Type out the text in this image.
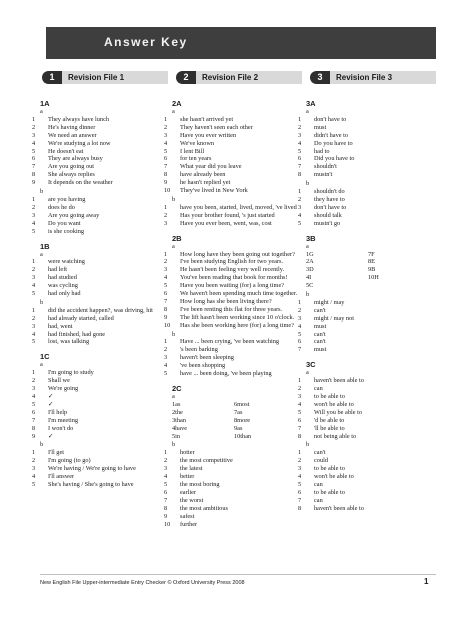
Answer Key
1	Revision File 1	2	Revision File 2	3	Revision File 3
1A
a
1 They always have lunch
2 He's having dinner
3 We need an answer
4 We're studying a lot now
5 He doesn't eat
6 They are always busy
7 Are you going out
8 She always replies
9 It depends on the weather
b
1 are you having
2 does he do
3 Are you going away
4 Do you want
5 is she cooking
1B
a
1 were watching
2 had left
3 had studied
4 was cycling
5 had only had
b
1 did the accident happen?, was driving, hit
2 had already started, called
3 had, went
4 had finished, had gone
5 lost, was talking
1C
a
1 I'm going to study
2 Shall we
3 We're going
4 ✓
5 ✓
6 I'll help
7 I'm meeting
8 I won't do
9 ✓
b
1 I'll get
2 I'm going (to go)
3 We're having / We're going to have
4 I'll answer
5 She's having / She's going to have
2A
a
1 she hasn't arrived yet
2 They haven't seen each other
3 Have you ever written
4 We've known
5 I lent Bill
6 for ten years
7 What year did you leave
8 have already been
9 he hasn't replied yet
10 They've lived in New York
b
1 have you been, started, lived, moved, 've lived
2 Has your brother found, 's just started
3 Have you ever been, went, was, cost
2B
a
1 How long have they been going out together?
2 I've been studying English for two years.
3 He hasn't been feeling very well recently.
4 You've been reading that book for months!
5 Have you been waiting (for) a long time?
6 We haven't been spending much time together.
7 How long has she been living there?
8 I've been renting this flat for three years.
9 The lift hasn't been working since 10 o'clock.
10 Has she been working here (for) a long time?
b
1 Have ... been crying, 've been watching
2 's been barking
3 haven't been sleeping
4 've been shopping
5 have ... been doing, 've been playing
2C
a
1as	6most
2the	7as
3than	8more
4have	9as
5in	10than
b
1 hotter
2 the most competitive
3 the latest
4 better
5 the most boring
6 earlier
7 the worst
8 the most ambitious
9 safest
10 further
3A
a
1 don't have to
2 must
3 didn't have to
4 Do you have to
5 had to
6 Did you have to
7 shouldn't
8 mustn't
b
1 shouldn't do
2 they have to
3 don't have to
4 should talk
5 mustn't go
3B
a
1G	7F
2A	8E
3D	9B
4I	10H
5C
b
1 might / may
2 can't
3 might / may not
4 must
5 can't
6 can't
7 must
3C
a
1 haven't been able to
2 can
3 to be able to
4 won't be able to
5 Will you be able to
6 'd be able to
7 'll be able to
8 not being able to
b
1 can't
2 could
3 to be able to
4 won't be able to
5 can
6 to be able to
7 can
8 haven't been able to
New English File Upper-intermediate Entry Checker © Oxford University Press 2008	1
